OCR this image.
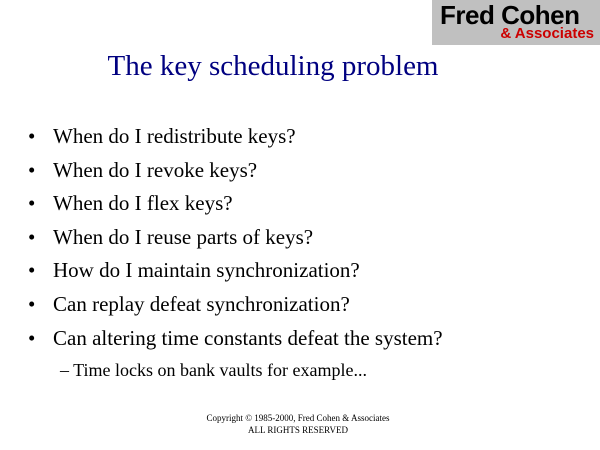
Fred Cohen
& Associates
The key scheduling problem
• When do I redistribute keys?
• When do I revoke keys?
• When do I flex keys?
• When do I reuse parts of keys?
• How do I maintain synchronization?
• Can replay defeat synchronization?
• Can altering time constants defeat the system?
– Time locks on bank vaults for example...
Copyright © 1985-2000, Fred Cohen & Associates
ALL RIGHTS RESERVED
